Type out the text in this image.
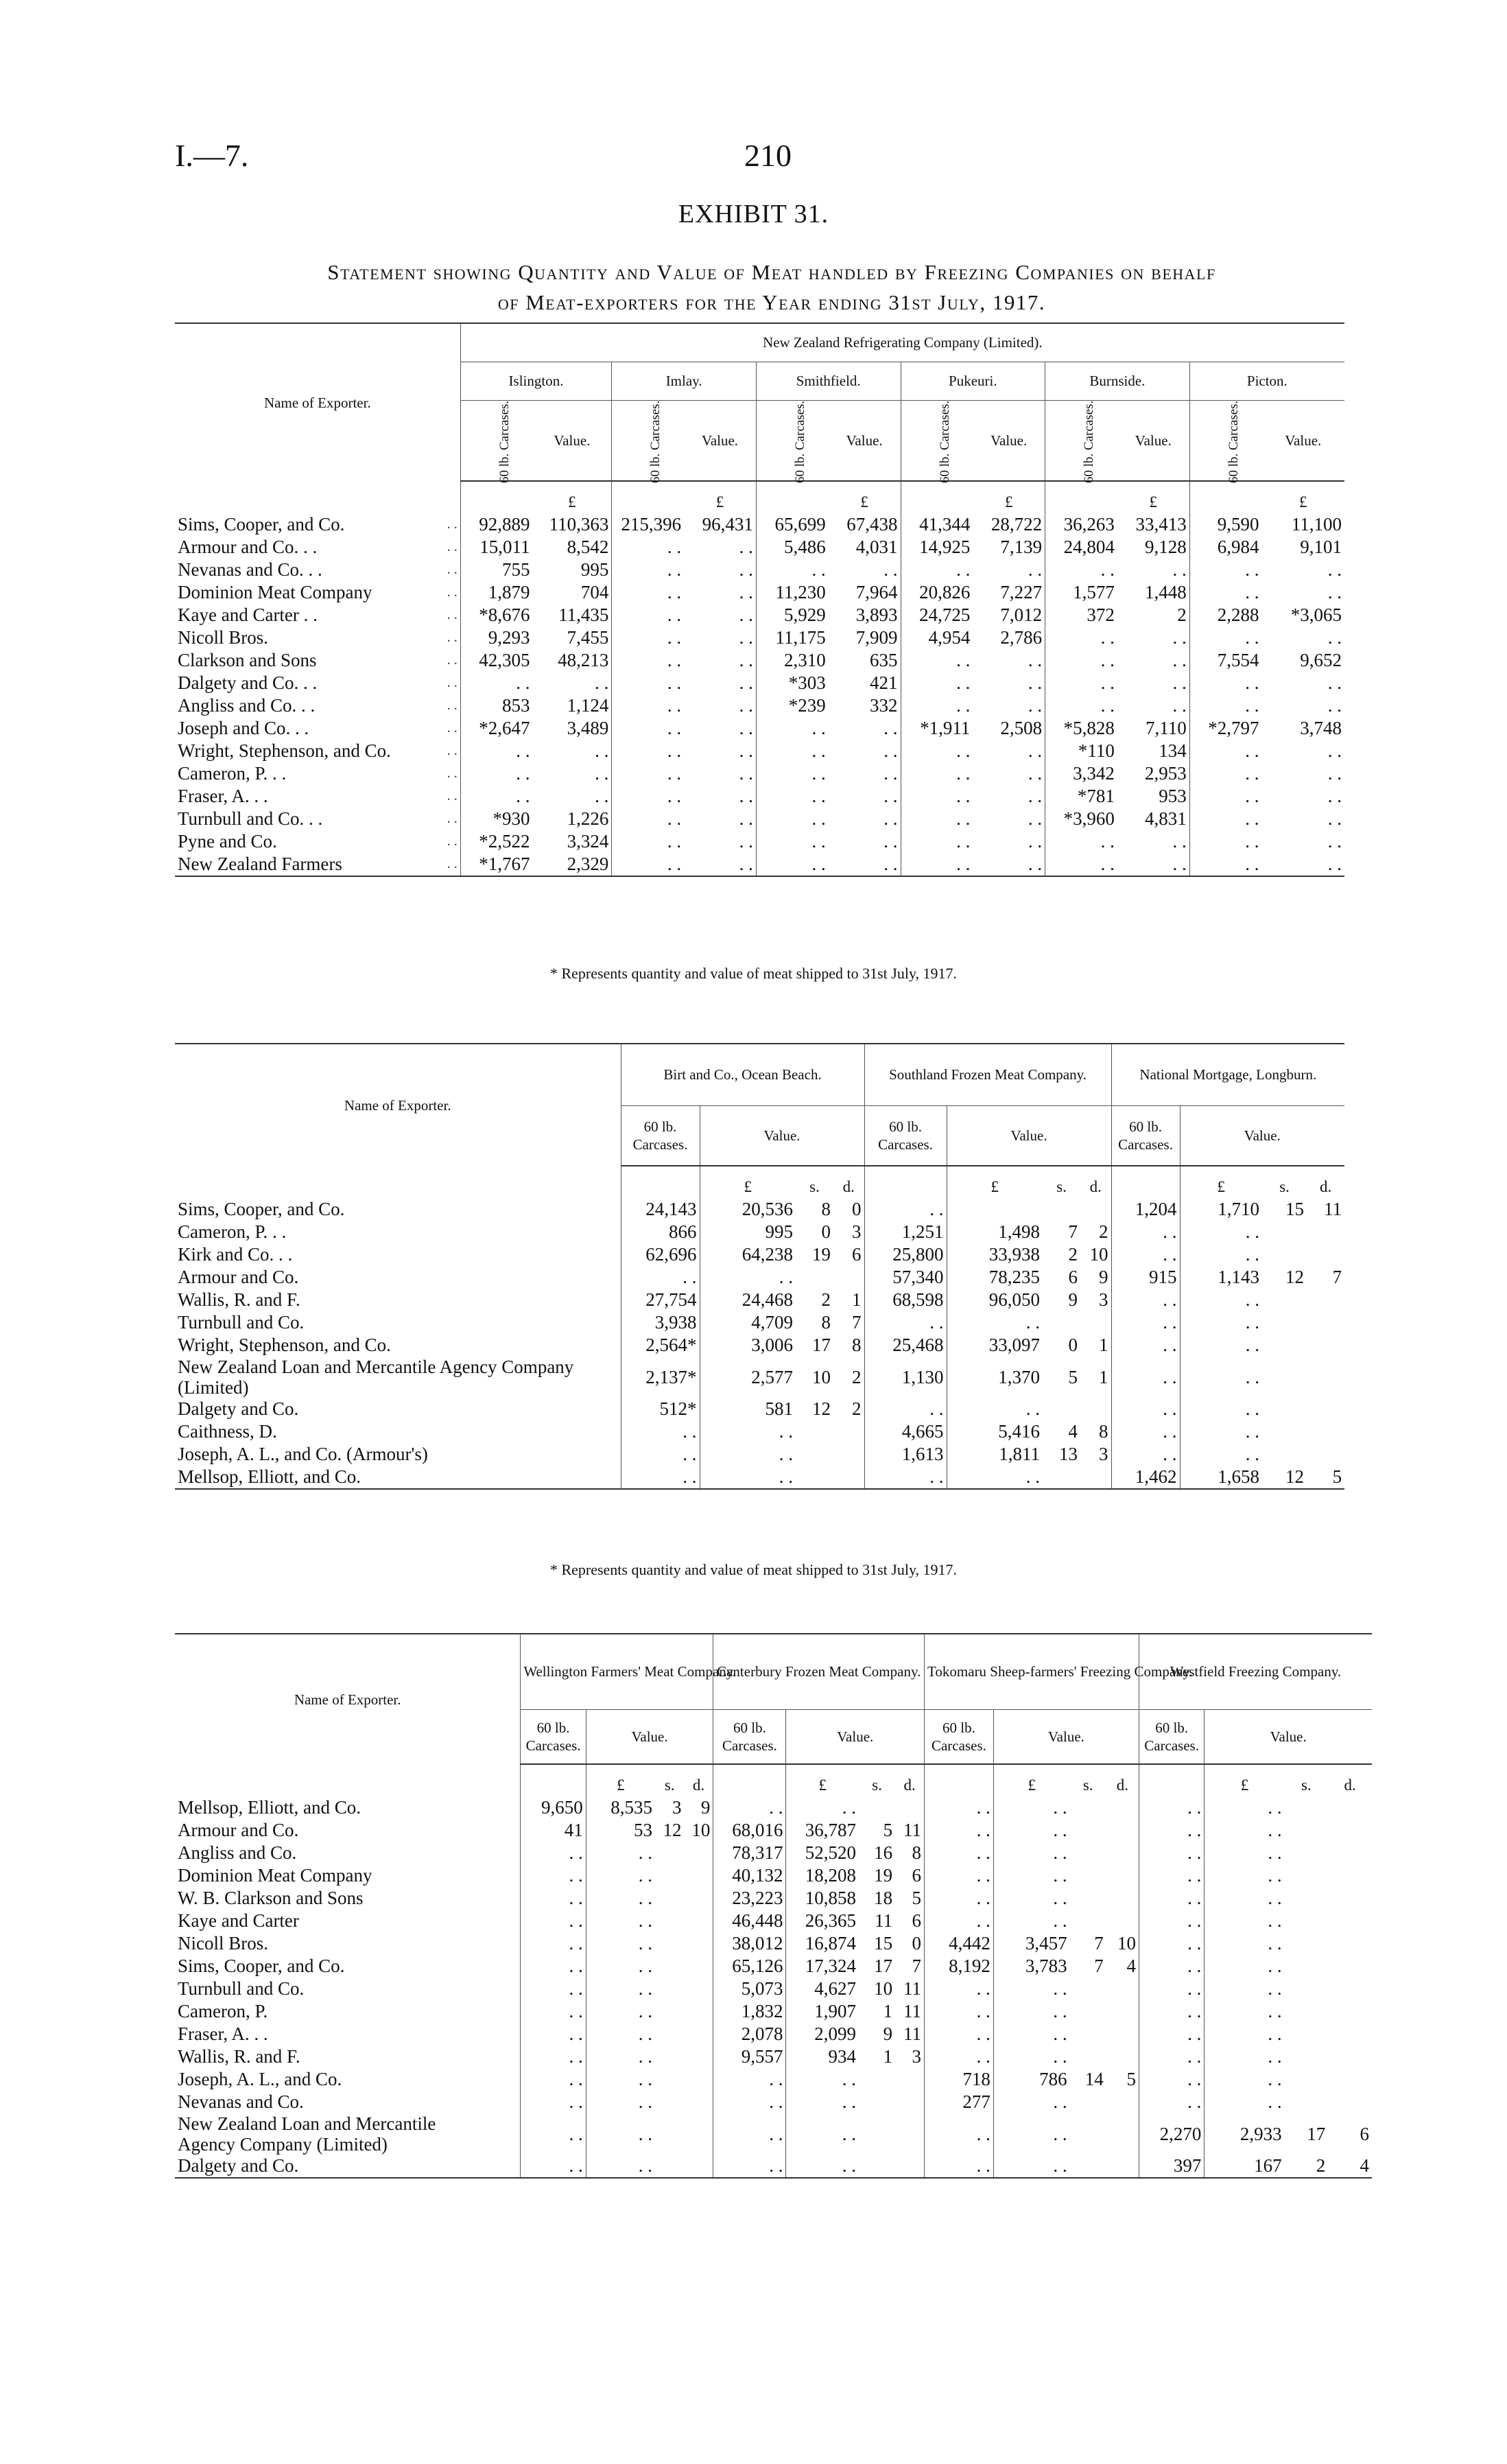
I.—7.	210
EXHIBIT 31.
Statement showing Quantity and Value of Meat handled by Freezing Companies on behalf
of Meat-exporters for the Year ending 31st July, 1917.
Name of Exporter.		New Zealand Refrigerating Company (Limited).											
		Islington.		Imlay.		Smithfield.		Pukeuri.		Burnside.		Picton.	
		60 lb. Carcases.	Value.	60 lb. Carcases.	Value.	60 lb. Carcases.	Value.	60 lb. Carcases.	Value.	60 lb. Carcases.	Value.	60 lb. Carcases.	Value.
			£		£		£		£		£		£
Sims, Cooper, and Co.	. .	92,889	110,363	215,396	96,431	65,699	67,438	41,344	28,722	36,263	33,413	9,590	11,100
Armour and Co. . .	. .	15,011	8,542	. .	. .	5,486	4,031	14,925	7,139	24,804	9,128	6,984	9,101
Nevanas and Co. . .	. .	755	995	. .	. .	. .	. .	. .	. .	. .	. .	. .	. .
Dominion Meat Company	. .	1,879	704	. .	. .	11,230	7,964	20,826	7,227	1,577	1,448	. .	. .
Kaye and Carter . .	. .	*8,676	11,435	. .	. .	5,929	3,893	24,725	7,012	372	2	2,288	*3,065
Nicoll Bros.	. .	9,293	7,455	. .	. .	11,175	7,909	4,954	2,786	. .	. .	. .	. .
Clarkson and Sons	. .	42,305	48,213	. .	. .	2,310	635	. .	. .	. .	. .	7,554	9,652
Dalgety and Co. . .	. .	. .	. .	. .	. .	*303	421	. .	. .	. .	. .	. .	. .
Angliss and Co. . .	. .	853	1,124	. .	. .	*239	332	. .	. .	. .	. .	. .	. .
Joseph and Co. . .	. .	*2,647	3,489	. .	. .	. .	. .	*1,911	2,508	*5,828	7,110	*2,797	3,748
Wright, Stephenson, and Co.	. .	. .	. .	. .	. .	. .	. .	. .	. .	*110	134	. .	. .
Cameron, P. . .	. .	. .	. .	. .	. .	. .	. .	. .	. .	3,342	2,953	. .	. .
Fraser, A. . .	. .	. .	. .	. .	. .	. .	. .	. .	. .	*781	953	. .	. .
Turnbull and Co. . .	. .	*930	1,226	. .	. .	. .	. .	. .	. .	*3,960	4,831	. .	. .
Pyne and Co.	. .	*2,522	3,324	. .	. .	. .	. .	. .	. .	. .	. .	. .	. .
New Zealand Farmers	. .	*1,767	2,329	. .	. .	. .	. .	. .	. .	. .	. .	. .	. .
* Represents quantity and value of meat shipped to 31st July, 1917.
Name of Exporter.		Birt and Co., Ocean Beach.				Southland Frozen Meat Company.				National Mortgage, Longburn.			
		60 lb. Carcases.	Value.			60 lb. Carcases.	Value.			60 lb. Carcases.	Value.		
			£	s.	d.		£	s.	d.		£	s.	d.
Sims, Cooper, and Co.		24,143	20,536	8	0	. .				1,204	1,710	15	11
Cameron, P. . .		866	995	0	3	1,251	1,498	7	2	. .	. .		
Kirk and Co. . .		62,696	64,238	19	6	25,800	33,938	2	10	. .	. .		
Armour and Co.		. .	. .			57,340	78,235	6	9	915	1,143	12	7
Wallis, R. and F.		27,754	24,468	2	1	68,598	96,050	9	3	. .	. .		
Turnbull and Co.		3,938	4,709	8	7	. .	. .			. .	. .		
Wright, Stephenson, and Co.		2,564*	3,006	17	8	25,468	33,097	0	1	. .	. .		
New Zealand Loan and Mercantile Agency Company (Limited)		2,137*	2,577	10	2	1,130	1,370	5	1	. .	. .		
Dalgety and Co.		512*	581	12	2	. .	. .			. .	. .		
Caithness, D.		. .	. .			4,665	5,416	4	8	. .	. .		
Joseph, A. L., and Co. (Armour's)		. .	. .			1,613	1,811	13	3	. .	. .		
Mellsop, Elliott, and Co.		. .	. .			. .	. .			1,462	1,658	12	5
* Represents quantity and value of meat shipped to 31st July, 1917.
Name of Exporter.		Wellington Farmers' Meat Company.				Canterbury Frozen Meat Company.				Tokomaru Sheep-farmers' Freezing Company.				Westfield Freezing Company.			
		60 lb. Carcases.	Value.			60 lb. Carcases.	Value.			60 lb. Carcases.	Value.			60 lb. Carcases.	Value.		
			£	s.	d.		£	s.	d.		£	s.	d.		£	s.	d.
Mellsop, Elliott, and Co.		9,650	8,535	3	9	. .	. .			. .	. .			. .	. .		
Armour and Co.		41	53	12	10	68,016	36,787	5	11	. .	. .			. .	. .		
Angliss and Co.		. .	. .			78,317	52,520	16	8	. .	. .			. .	. .		
Dominion Meat Company		. .	. .			40,132	18,208	19	6	. .	. .			. .	. .		
W. B. Clarkson and Sons		. .	. .			23,223	10,858	18	5	. .	. .			. .	. .		
Kaye and Carter		. .	. .			46,448	26,365	11	6	. .	. .			. .	. .		
Nicoll Bros.		. .	. .			38,012	16,874	15	0	4,442	3,457	7	10	. .	. .		
Sims, Cooper, and Co.		. .	. .			65,126	17,324	17	7	8,192	3,783	7	4	. .	. .		
Turnbull and Co.		. .	. .			5,073	4,627	10	11	. .	. .			. .	. .		
Cameron, P.		. .	. .			1,832	1,907	1	11	. .	. .			. .	. .		
Fraser, A. . .		. .	. .			2,078	2,099	9	11	. .	. .			. .	. .		
Wallis, R. and F.		. .	. .			9,557	934	1	3	. .	. .			. .	. .		
Joseph, A. L., and Co.		. .	. .			. .	. .			718	786	14	5	. .	. .		
Nevanas and Co.		. .	. .			. .	. .			277	. .			. .	. .		
New Zealand Loan and Mercantile Agency Company (Limited)		. .	. .			. .	. .			. .	. .			2,270	2,933	17	6
Dalgety and Co.		. .	. .			. .	. .			. .	. .			397	167	2	4
